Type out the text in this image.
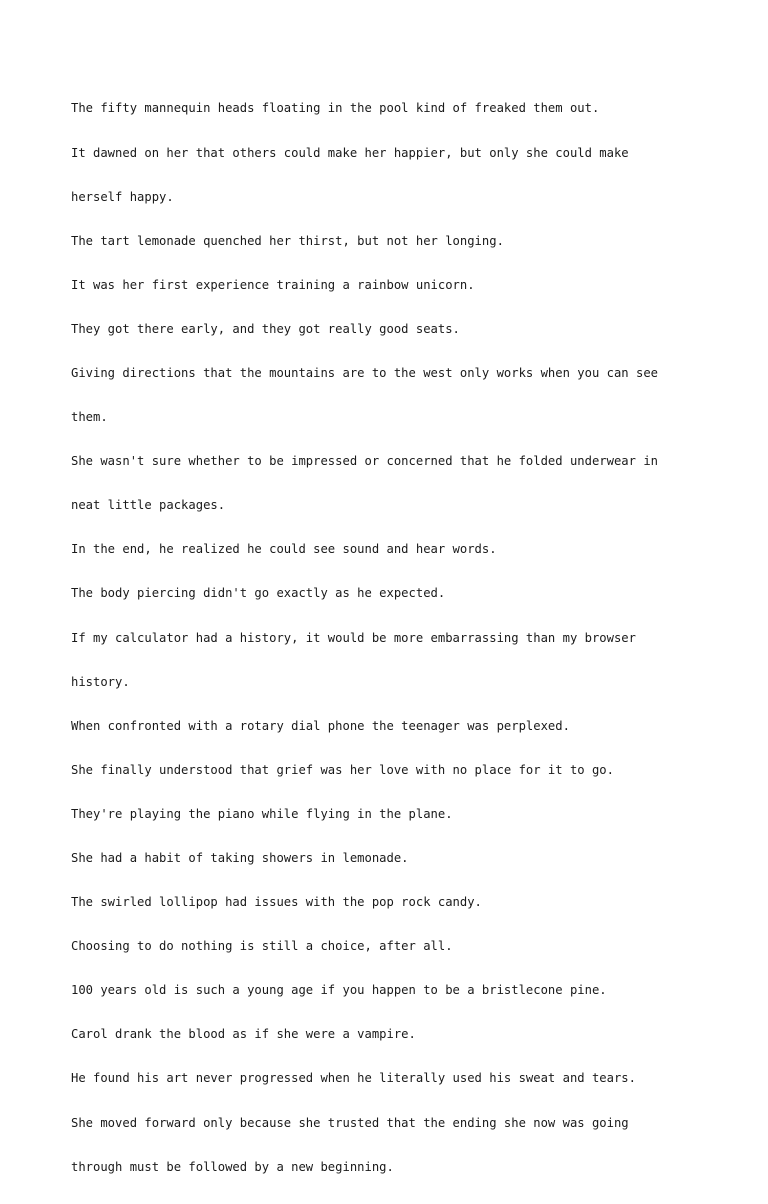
The fifty mannequin heads floating in the pool kind of freaked them out.

It dawned on her that others could make her happier, but only she could make

herself happy.

The tart lemonade quenched her thirst, but not her longing.

It was her first experience training a rainbow unicorn.

They got there early, and they got really good seats.

Giving directions that the mountains are to the west only works when you can see

them.

She wasn't sure whether to be impressed or concerned that he folded underwear in

neat little packages.

In the end, he realized he could see sound and hear words.

The body piercing didn't go exactly as he expected.

If my calculator had a history, it would be more embarrassing than my browser

history.

When confronted with a rotary dial phone the teenager was perplexed.

She finally understood that grief was her love with no place for it to go.

They're playing the piano while flying in the plane.

She had a habit of taking showers in lemonade.

The swirled lollipop had issues with the pop rock candy.

Choosing to do nothing is still a choice, after all.

100 years old is such a young age if you happen to be a bristlecone pine.

Carol drank the blood as if she were a vampire.

He found his art never progressed when he literally used his sweat and tears.

She moved forward only because she trusted that the ending she now was going

through must be followed by a new beginning.
